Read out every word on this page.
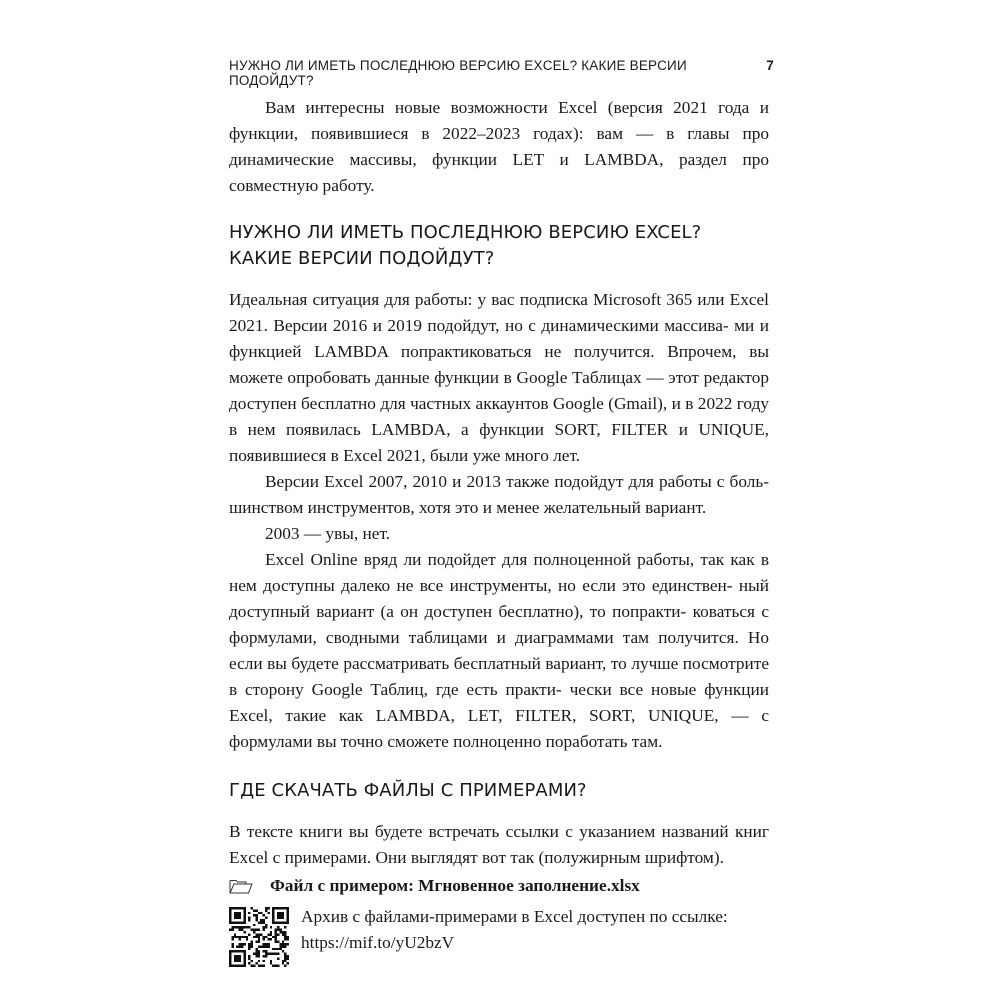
НУЖНО ЛИ ИМЕТЬ ПОСЛЕДНЮЮ ВЕРСИЮ EXCEL? КАКИЕ ВЕРСИИ ПОДОЙДУТ?
7

Вам интересны новые возможности Excel (версия 2021 года и функции, появившиеся в 2022–2023 годах): вам — в главы про динамические массивы, функции LET и LAMBDA, раздел про совместную работу.

НУЖНО ЛИ ИМЕТЬ ПОСЛЕДНЮЮ ВЕРСИЮ EXCEL?
КАКИЕ ВЕРСИИ ПОДОЙДУТ?

Идеальная ситуация для работы: у вас подписка Microsoft 365 или Excel 2021. Версии 2016 и 2019 подойдут, но с динамическими массива- ми и функцией LAMBDA попрактиковаться не получится. Впрочем, вы можете опробовать данные функции в Google Таблицах — этот редактор доступен бесплатно для частных аккаунтов Google (Gmail), и в 2022 году в нем появилась LAMBDA, а функции SORT, FILTER и UNIQUE, появившиеся в Excel 2021, были уже много лет.

Версии Excel 2007, 2010 и 2013 также подойдут для работы с боль- шинством инструментов, хотя это и менее желательный вариант.

2003 — увы, нет.

Excel Online вряд ли подойдет для полноценной работы, так как в нем доступны далеко не все инструменты, но если это единствен- ный доступный вариант (а он доступен бесплатно), то попракти- коваться с формулами, сводными таблицами и диаграммами там получится. Но если вы будете рассматривать бесплатный вариант, то лучше посмотрите в сторону Google Таблиц, где есть практи- чески все новые функции Excel, такие как LAMBDA, LET, FILTER, SORT, UNIQUE, — с формулами вы точно сможете полноценно поработать там.

ГДЕ СКАЧАТЬ ФАЙЛЫ С ПРИМЕРАМИ?

В тексте книги вы будете встречать ссылки с указанием названий книг Excel с примерами. Они выглядят вот так (полужирным шрифтом).

Файл с примером: Мгновенное заполнение.xlsx
Архив с файлами-примерами в Excel доступен по ссылке:
https://mif.to/yU2bzV
